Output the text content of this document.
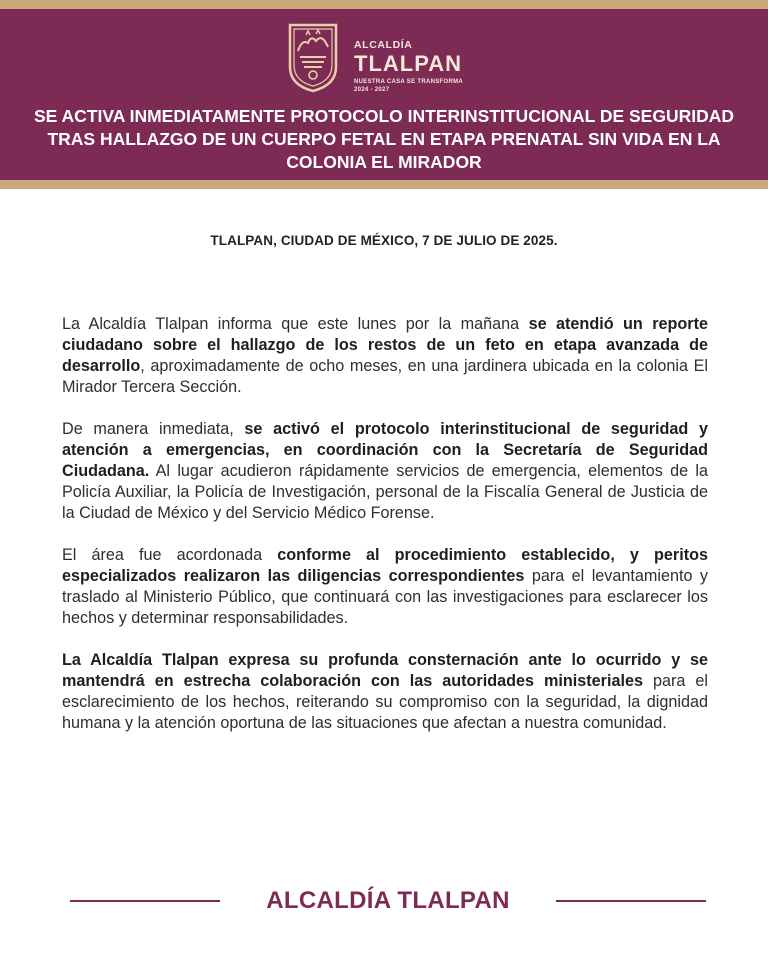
ALCALDÍA
TLALPAN
NUESTRA CASA SE TRANSFORMA
2024 - 2027
SE ACTIVA INMEDIATAMENTE PROTOCOLO INTERINSTITUCIONAL DE SEGURIDAD TRAS HALLAZGO DE UN CUERPO FETAL EN ETAPA PRENATAL SIN VIDA EN LA COLONIA EL MIRADOR
TLALPAN, CIUDAD DE MÉXICO, 7 DE JULIO DE 2025.

La Alcaldía Tlalpan informa que este lunes por la mañana se atendió un reporte ciudadano sobre el hallazgo de los restos de un feto en etapa avanzada de desarrollo, aproximadamente de ocho meses, en una jardinera ubicada en la colonia El Mirador Tercera Sección.

De manera inmediata, se activó el protocolo interinstitucional de seguridad y atención a emergencias, en coordinación con la Secretaría de Seguridad Ciudadana. Al lugar acudieron rápidamente servicios de emergencia, elementos de la Policía Auxiliar, la Policía de Investigación, personal de la Fiscalía General de Justicia de la Ciudad de México y del Servicio Médico Forense.

El área fue acordonada conforme al procedimiento establecido, y peritos especializados realizaron las diligencias correspondientes para el levantamiento y traslado al Ministerio Público, que continuará con las investigaciones para esclarecer los hechos y determinar responsabilidades.

La Alcaldía Tlalpan expresa su profunda consternación ante lo ocurrido y se mantendrá en estrecha colaboración con las autoridades ministeriales para el esclarecimiento de los hechos, reiterando su compromiso con la seguridad, la dignidad humana y la atención oportuna de las situaciones que afectan a nuestra comunidad.

ALCALDÍA TLALPAN
